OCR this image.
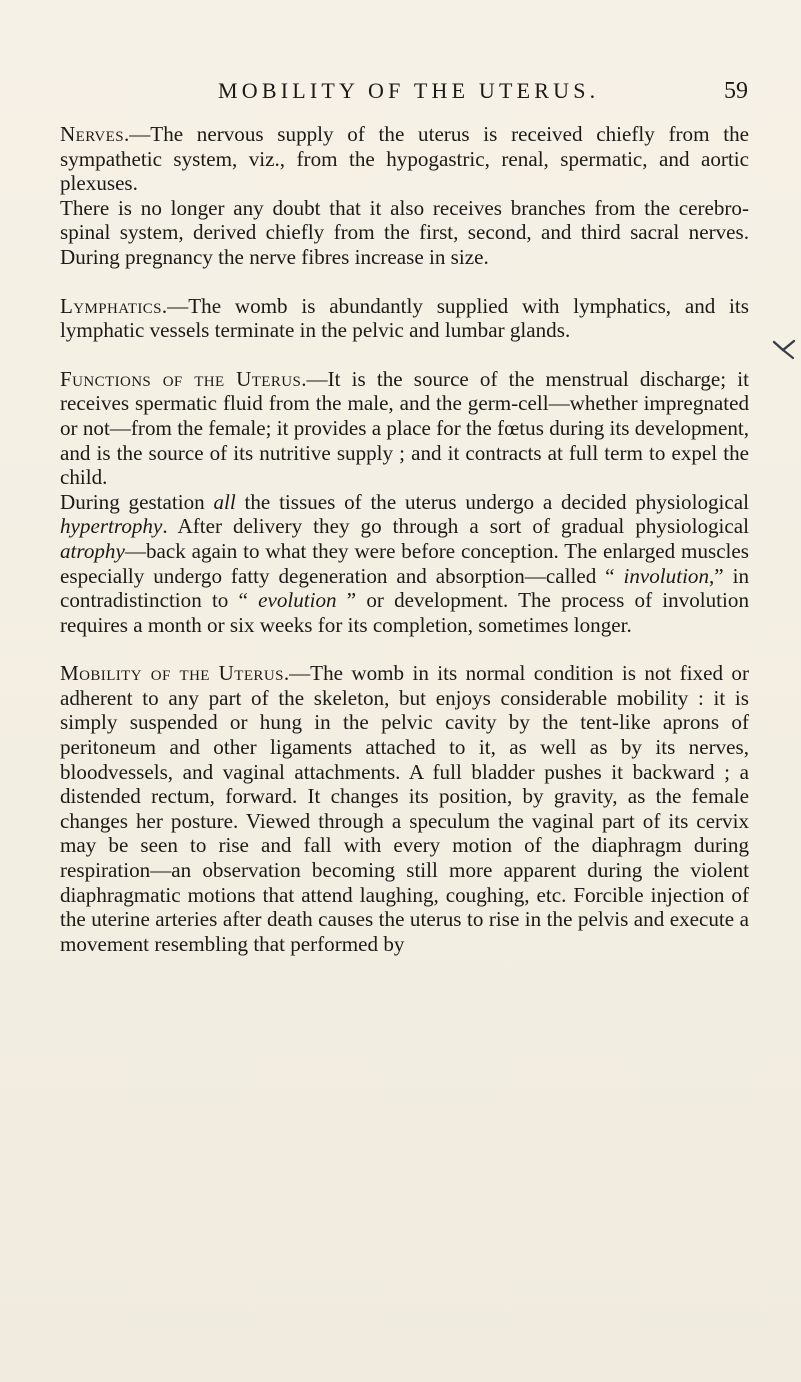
MOBILITY OF THE UTERUS.	59

Nerves.—The nervous supply of the uterus is received chiefly from the sympathetic system, viz., from the hypogastric, renal, spermatic, and aortic plexuses.

There is no longer any doubt that it also receives branches from the cerebro-spinal system, derived chiefly from the first, second, and third sacral nerves. During pregnancy the nerve fibres increase in size.

Lymphatics.—The womb is abundantly supplied with lymphatics, and its lymphatic vessels terminate in the pelvic and lumbar glands.

Functions of the Uterus.—It is the source of the menstrual discharge; it receives spermatic fluid from the male, and the germ-cell—whether impregnated or not—from the female; it provides a place for the fœtus during its development, and is the source of its nutritive supply ; and it contracts at full term to expel the child.

During gestation all the tissues of the uterus undergo a decided physiological hypertrophy. After delivery they go through a sort of gradual physiological atrophy—back again to what they were before conception. The enlarged muscles especially undergo fatty degeneration and absorption—called “ involution,” in contradistinction to “ evolution ” or development. The process of involution requires a month or six weeks for its completion, sometimes longer.

Mobility of the Uterus.—The womb in its normal condition is not fixed or adherent to any part of the skeleton, but enjoys considerable mobility : it is simply suspended or hung in the pelvic cavity by the tent-like aprons of peritoneum and other ligaments attached to it, as well as by its nerves, bloodvessels, and vaginal attachments. A full bladder pushes it backward ; a distended rectum, forward. It changes its position, by gravity, as the female changes her posture. Viewed through a speculum the vaginal part of its cervix may be seen to rise and fall with every motion of the diaphragm during respiration—an observation becoming still more apparent during the violent diaphragmatic motions that attend laughing, coughing, etc. Forcible injection of the uterine arteries after death causes the uterus to rise in the pelvis and execute a movement resembling that performed by
